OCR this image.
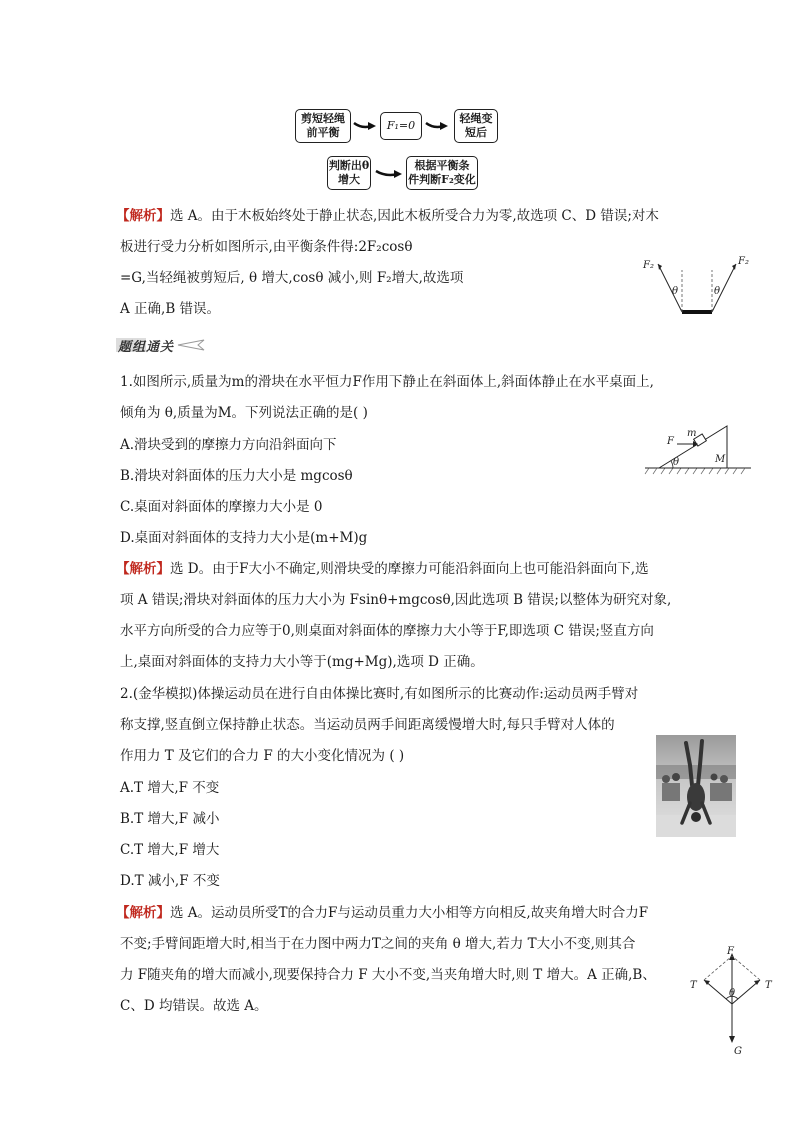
剪短轻绳
前平衡
F₁=0
轻绳变
短后
判断出θ
增大
根据平衡条
件判断F₂变化
【解析】选 A。由于木板始终处于静止状态,因此木板所受合力为零,故选项 C、D 错误;对木
板进行受力分析如图所示,由平衡条件得:2F₂cosθ
=G,当轻绳被剪短后, θ 增大,cosθ 减小,则 F₂增大,故选项
A 正确,B 错误。
F₂	F₂
θ	θ
题组通关
1.如图所示,质量为m的滑块在水平恒力F作用下静止在斜面体上,斜面体静止在水平桌面上,
倾角为 θ,质量为M。下列说法正确的是( )
A.滑块受到的摩擦力方向沿斜面向下
B.滑块对斜面体的压力大小是 mgcosθ
C.桌面对斜面体的摩擦力大小是 0
D.桌面对斜面体的支持力大小是(m+M)g
F
m
θ	M
【解析】选 D。由于F大小不确定,则滑块受的摩擦力可能沿斜面向上也可能沿斜面向下,选
项 A 错误;滑块对斜面体的压力大小为 Fsinθ+mgcosθ,因此选项 B 错误;以整体为研究对象,
水平方向所受的合力应等于0,则桌面对斜面体的摩擦力大小等于F,即选项 C 错误;竖直方向
上,桌面对斜面体的支持力大小等于(mg+Mg),选项 D 正确。
2.(金华模拟)体操运动员在进行自由体操比赛时,有如图所示的比赛动作:运动员两手臂对
称支撑,竖直倒立保持静止状态。当运动员两手间距离缓慢增大时,每只手臂对人体的
作用力 T 及它们的合力 F 的大小变化情况为 ( )
A.T 增大,F 不变
B.T 增大,F 减小
C.T 增大,F 增大
D.T 减小,F 不变
【解析】选 A。运动员所受T的合力F与运动员重力大小相等方向相反,故夹角增大时合力F
不变;手臂间距增大时,相当于在力图中两力T之间的夹角 θ 增大,若力 T大小不变,则其合
力 F随夹角的增大而减小,现要保持合力 F 大小不变,当夹角增大时,则 T 增大。A 正确,B、
C、D 均错误。故选 A。
F
T	T
θ
G
